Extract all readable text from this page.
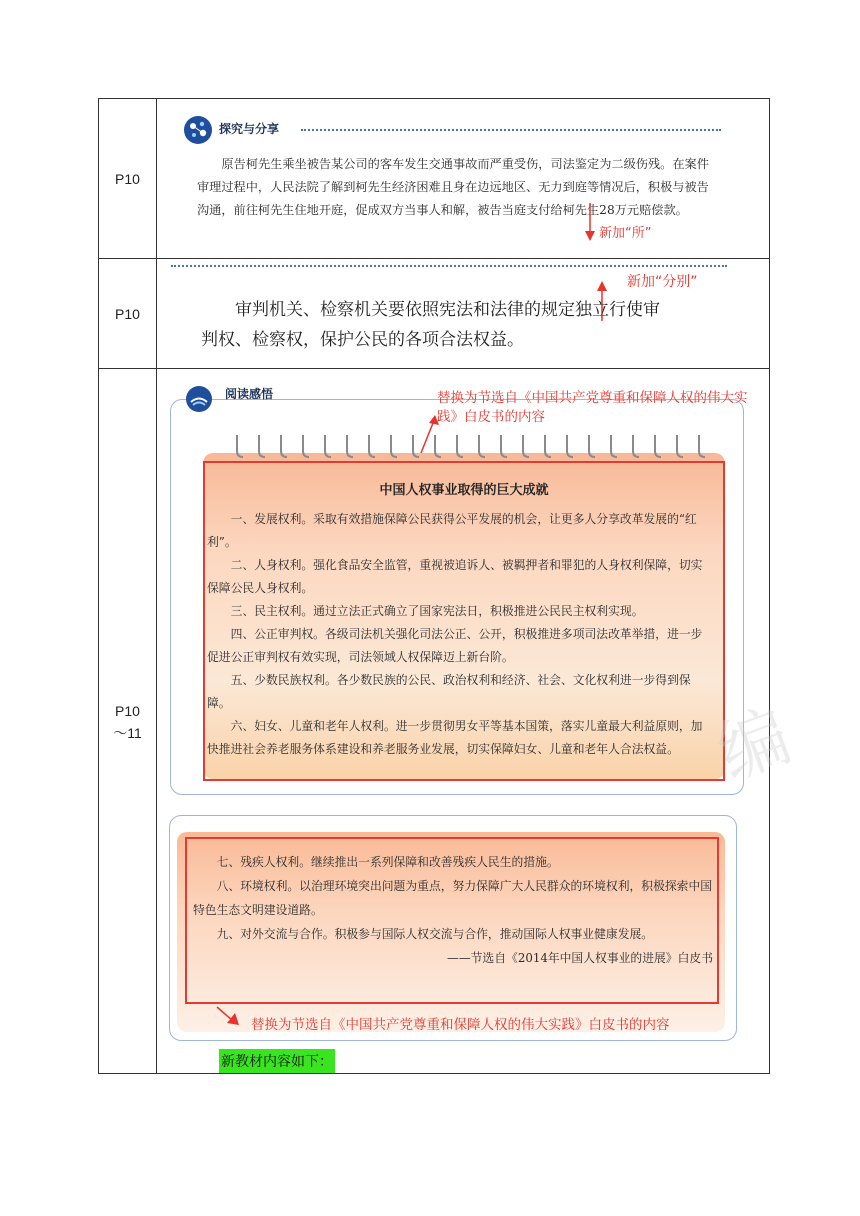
P10
探究与分享
原告柯先生乘坐被告某公司的客车发生交通事故而严重受伤，司法鉴定为二级伤残。在案件审理过程中，人民法院了解到柯先生经济困难且身在边远地区、无力到庭等情况后，积极与被告沟通，前往柯先生住地开庭，促成双方当事人和解，被告当庭支付给柯先生28万元赔偿款。
新加“所”
P10
新加“分别”
审判机关、检察机关要依照宪法和法律的规定独立行使审判权、检察权，保护公民的各项合法权益。
P10
～11
阅读感悟	替换为节选自《中国共产党尊重和保障人权的伟大实践》白皮书的内容
中国人权事业取得的巨大成就

一、发展权利。采取有效措施保障公民获得公平发展的机会，让更多人分享改革发展的“红利”。

二、人身权利。强化食品安全监管，重视被追诉人、被羁押者和罪犯的人身权利保障，切实保障公民人身权利。

三、民主权利。通过立法正式确立了国家宪法日，积极推进公民民主权利实现。

四、公正审判权。各级司法机关强化司法公正、公开，积极推进多项司法改革举措，进一步促进公正审判权有效实现，司法领域人权保障迈上新台阶。

五、少数民族权利。各少数民族的公民、政治权利和经济、社会、文化权利进一步得到保障。

六、妇女、儿童和老年人权利。进一步贯彻男女平等基本国策，落实儿童最大利益原则，加快推进社会养老服务体系建设和养老服务业发展，切实保障妇女、儿童和老年人合法权益。 编

七、残疾人权利。继续推出一系列保障和改善残疾人民生的措施。

八、环境权利。以治理环境突出问题为重点，努力保障广大人民群众的环境权利，积极探索中国特色生态文明建设道路。

九、对外交流与合作。积极参与国际人权交流与合作，推动国际人权事业健康发展。

——节选自《2014年中国人权事业的进展》白皮书

替换为节选自《中国共产党尊重和保障人权的伟大实践》白皮书的内容
新教材内容如下：
